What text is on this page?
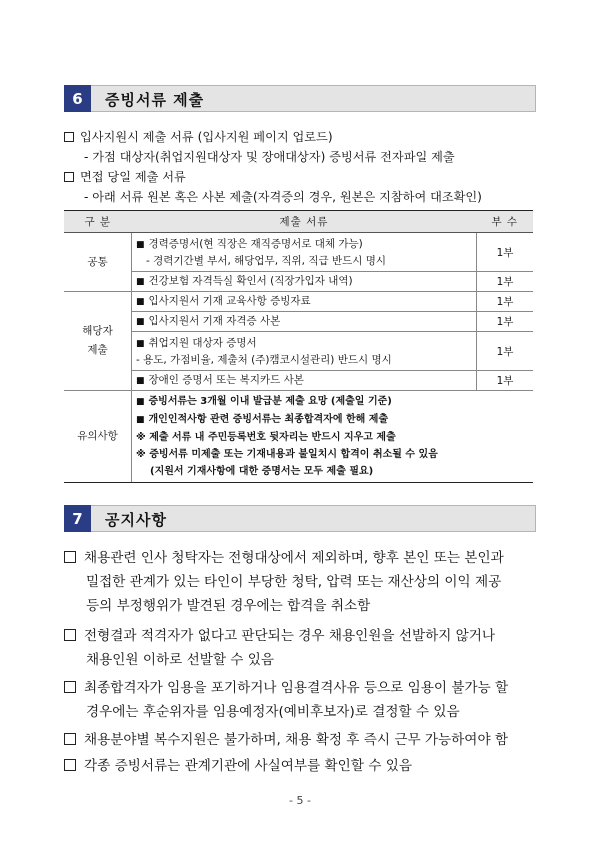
6	증빙서류 제출
입사지원시 제출 서류 (입사지원 페이지 업로드)
- 가점 대상자(취업지원대상자 및 장애대상자) 증빙서류 전자파일 제출
면접 당일 제출 서류
- 아래 서류 원본 혹은 사본 제출(자격증의 경우, 원본은 지참하여 대조확인)
구 분	제출 서류	부 수
공통	■ 경력증명서(현 직장은 재직증명서로 대체 가능)
- 경력기간별 부서, 해당업무, 직위, 직급 반드시 명시	1부
	■ 건강보험 자격득실 확인서 (직장가입자 내역)	1부

해당자
제출	■ 입사지원서 기재 교육사항 증빙자료	1부
	■ 입사지원서 기재 자격증 사본	1부

	■ 취업지원 대상자 증명서
- 용도, 가점비율, 제출처 (주)캠코시설관리) 반드시 명시	1부
	■ 장애인 증명서 또는 복지카드 사본	1부
유의사항	■ 증빙서류는 3개월 이내 발급분 제출 요망 (제출일 기준)
■ 개인인적사항 관련 증빙서류는 최종합격자에 한해 제출
※ 제출 서류 내 주민등록번호 뒷자리는 반드시 지우고 제출
※ 증빙서류 미제출 또는 기재내용과 불일치시 합격이 취소될 수 있음
(지원서 기재사항에 대한 증명서는 모두 제출 필요)	
7	공지사항
채용관련 인사 청탁자는 전형대상에서 제외하며, 향후 본인 또는 본인과
밀접한 관계가 있는 타인이 부당한 청탁, 압력 또는 재산상의 이익 제공
등의 부정행위가 발견된 경우에는 합격을 취소함
전형결과 적격자가 없다고 판단되는 경우 채용인원을 선발하지 않거나
채용인원 이하로 선발할 수 있음
최종합격자가 임용을 포기하거나 임용결격사유 등으로 임용이 불가능 할
경우에는 후순위자를 임용예정자(예비후보자)로 결정할 수 있음
채용분야별 복수지원은 불가하며, 채용 확정 후 즉시 근무 가능하여야 함
각종 증빙서류는 관계기관에 사실여부를 확인할 수 있음
- 5 -
